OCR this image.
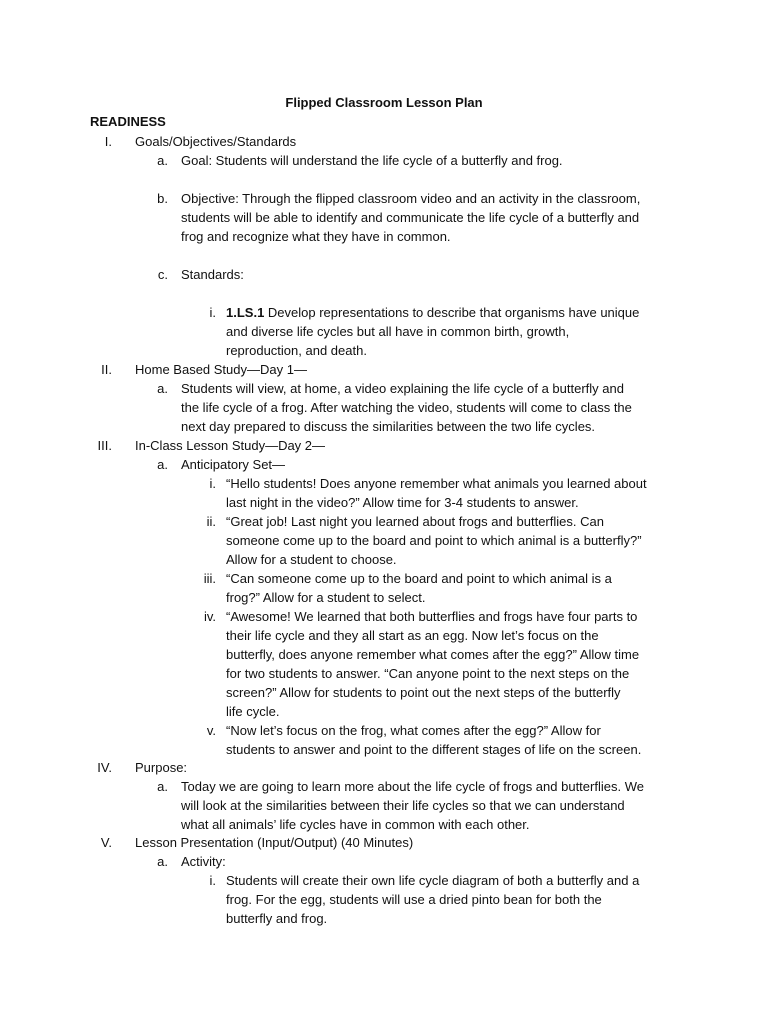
Flipped Classroom Lesson Plan
READINESS
I. Goals/Objectives/Standards
a. Goal: Students will understand the life cycle of a butterfly and frog.
b. Objective: Through the flipped classroom video and an activity in the classroom,
students will be able to identify and communicate the life cycle of a butterfly and
frog and recognize what they have in common.
c. Standards:
i. 1.LS.1 Develop representations to describe that organisms have unique
and diverse life cycles but all have in common birth, growth,
reproduction, and death.
II. Home Based Study—Day 1—
a. Students will view, at home, a video explaining the life cycle of a butterfly and
the life cycle of a frog. After watching the video, students will come to class the
next day prepared to discuss the similarities between the two life cycles.
III. In-Class Lesson Study—Day 2—
a. Anticipatory Set—
i. “Hello students! Does anyone remember what animals you learned about
last night in the video?” Allow time for 3-4 students to answer.
ii. “Great job! Last night you learned about frogs and butterflies. Can
someone come up to the board and point to which animal is a butterfly?”
Allow for a student to choose.
iii. “Can someone come up to the board and point to which animal is a
frog?” Allow for a student to select.
iv. “Awesome! We learned that both butterflies and frogs have four parts to
their life cycle and they all start as an egg. Now let’s focus on the
butterfly, does anyone remember what comes after the egg?” Allow time
for two students to answer. “Can anyone point to the next steps on the
screen?” Allow for students to point out the next steps of the butterfly
life cycle.
v. “Now let’s focus on the frog, what comes after the egg?” Allow for
students to answer and point to the different stages of life on the screen.
IV. Purpose:
a. Today we are going to learn more about the life cycle of frogs and butterflies. We
will look at the similarities between their life cycles so that we can understand
what all animals’ life cycles have in common with each other.
V. Lesson Presentation (Input/Output) (40 Minutes)
a. Activity:
i. Students will create their own life cycle diagram of both a butterfly and a
frog. For the egg, students will use a dried pinto bean for both the
butterfly and frog.
